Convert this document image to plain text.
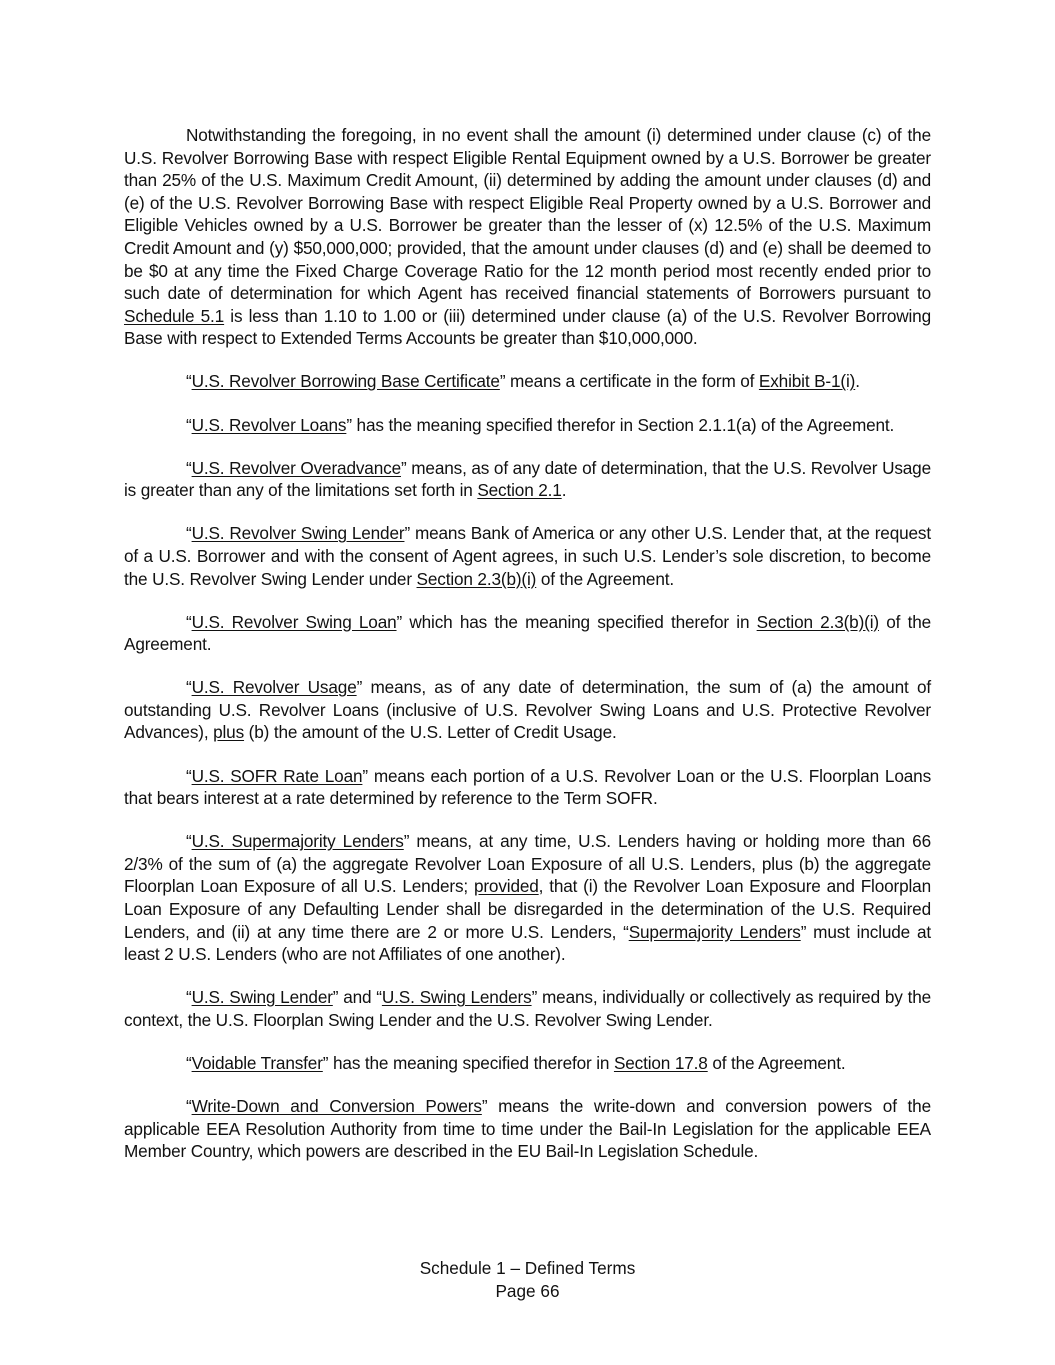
Notwithstanding the foregoing, in no event shall the amount (i) determined under clause (c) of the U.S. Revolver Borrowing Base with respect Eligible Rental Equipment owned by a U.S. Borrower be greater than 25% of the U.S. Maximum Credit Amount, (ii) determined by adding the amount under clauses (d) and (e) of the U.S. Revolver Borrowing Base with respect Eligible Real Property owned by a U.S. Borrower and Eligible Vehicles owned by a U.S. Borrower be greater than the lesser of (x) 12.5% of the U.S. Maximum Credit Amount and (y) $50,000,000; provided, that the amount under clauses (d) and (e) shall be deemed to be $0 at any time the Fixed Charge Coverage Ratio for the 12 month period most recently ended prior to such date of determination for which Agent has received financial statements of Borrowers pursuant to Schedule 5.1 is less than 1.10 to 1.00 or (iii) determined under clause (a) of the U.S. Revolver Borrowing Base with respect to Extended Terms Accounts be greater than $10,000,000.

“U.S. Revolver Borrowing Base Certificate” means a certificate in the form of Exhibit B-1(i).

“U.S. Revolver Loans” has the meaning specified therefor in Section 2.1.1(a) of the Agreement.

“U.S. Revolver Overadvance” means, as of any date of determination, that the U.S. Revolver Usage is greater than any of the limitations set forth in Section 2.1.

“U.S. Revolver Swing Lender” means Bank of America or any other U.S. Lender that, at the request of a U.S. Borrower and with the consent of Agent agrees, in such U.S. Lender’s sole discretion, to become the U.S. Revolver Swing Lender under Section 2.3(b)(i) of the Agreement.

“U.S. Revolver Swing Loan” which has the meaning specified therefor in Section 2.3(b)(i) of the Agreement.

“U.S. Revolver Usage” means, as of any date of determination, the sum of (a) the amount of outstanding U.S. Revolver Loans (inclusive of U.S. Revolver Swing Loans and U.S. Protective Revolver Advances), plus (b) the amount of the U.S. Letter of Credit Usage.

“U.S. SOFR Rate Loan” means each portion of a U.S. Revolver Loan or the U.S. Floorplan Loans that bears interest at a rate determined by reference to the Term SOFR.

“U.S. Supermajority Lenders” means, at any time, U.S. Lenders having or holding more than 66 2/3% of the sum of (a) the aggregate Revolver Loan Exposure of all U.S. Lenders, plus (b) the aggregate Floorplan Loan Exposure of all U.S. Lenders; provided, that (i) the Revolver Loan Exposure and Floorplan Loan Exposure of any Defaulting Lender shall be disregarded in the determination of the U.S. Required Lenders, and (ii) at any time there are 2 or more U.S. Lenders, “Supermajority Lenders” must include at least 2 U.S. Lenders (who are not Affiliates of one another).

“U.S. Swing Lender” and “U.S. Swing Lenders” means, individually or collectively as required by the context, the U.S. Floorplan Swing Lender and the U.S. Revolver Swing Lender.

“Voidable Transfer” has the meaning specified therefor in Section 17.8 of the Agreement.

“Write-Down and Conversion Powers” means the write-down and conversion powers of the applicable EEA Resolution Authority from time to time under the Bail-In Legislation for the applicable EEA Member Country, which powers are described in the EU Bail-In Legislation Schedule.

Schedule 1 – Defined Terms
Page 66
